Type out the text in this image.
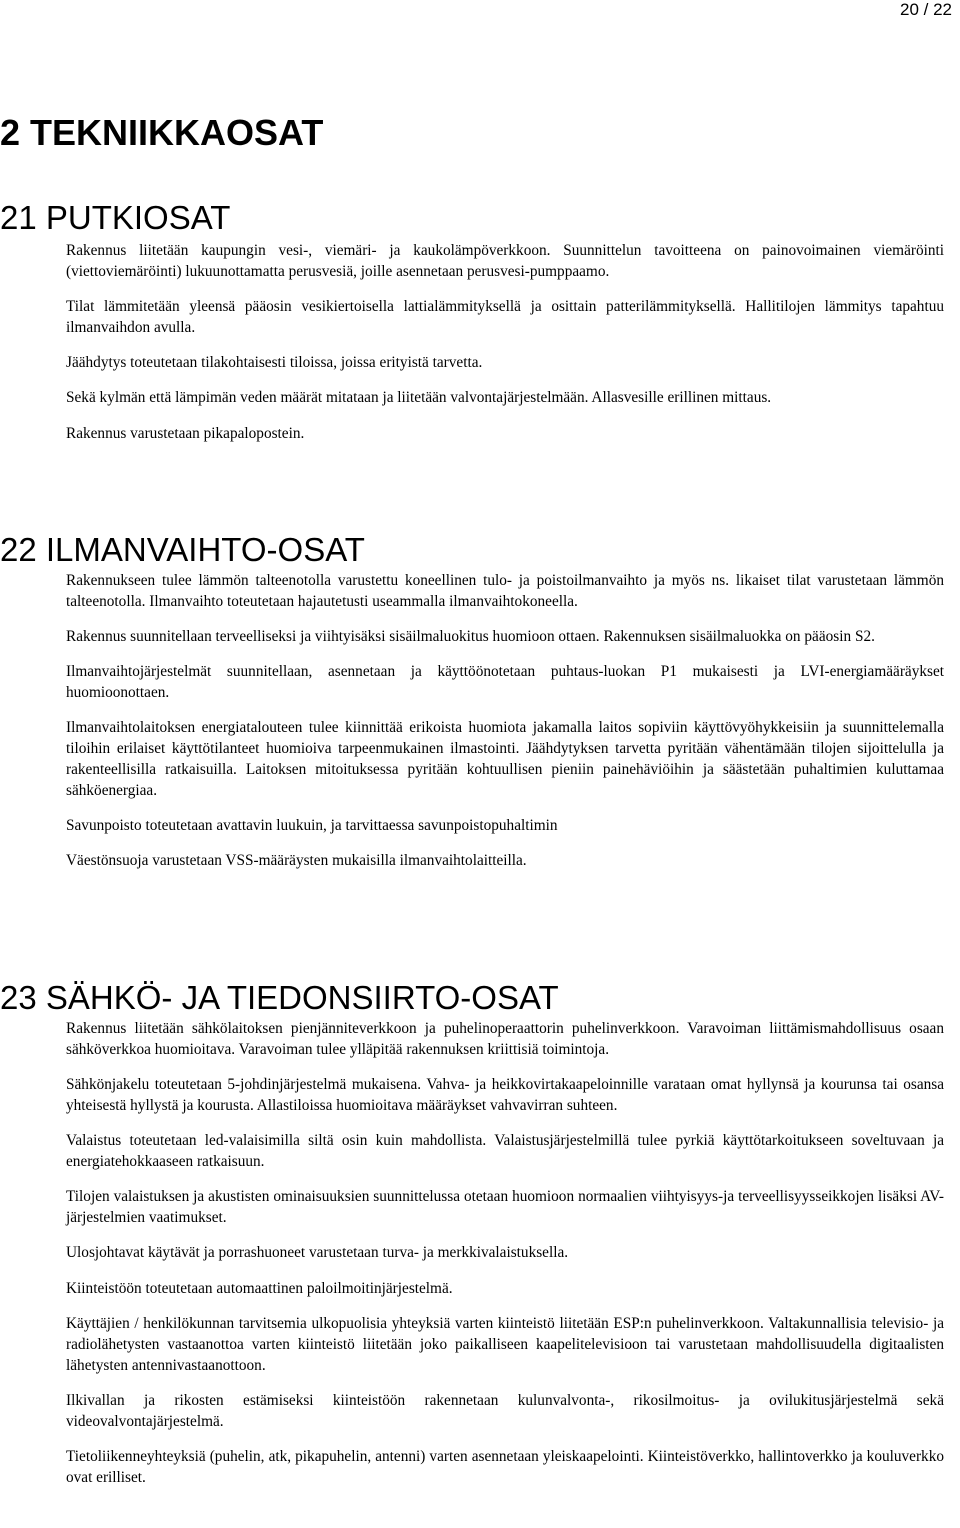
20 / 22
2 TEKNIIKKAOSAT
21 PUTKIOSAT

Rakennus liitetään kaupungin vesi-, viemäri- ja kaukolämpöverkkoon. Suunnittelun tavoitteena on painovoimainen viemäröinti (viettoviemäröinti) lukuunottamatta perusvesiä, joille asennetaan perusvesi-pumppaamo.

Tilat lämmitetään yleensä pääosin vesikiertoisella lattialämmityksellä ja osittain patterilämmityksellä. Hallitilojen lämmitys tapahtuu ilmanvaihdon avulla.

Jäähdytys toteutetaan tilakohtaisesti tiloissa, joissa erityistä tarvetta.

Sekä kylmän että lämpimän veden määrät mitataan ja liitetään valvontajärjestelmään. Allasvesille erillinen mittaus.

Rakennus varustetaan pikapalopostein.

22 ILMANVAIHTO-OSAT

Rakennukseen tulee lämmön talteenotolla varustettu koneellinen tulo- ja poistoilmanvaihto ja myös ns. likaiset tilat varustetaan lämmön talteenotolla. Ilmanvaihto toteutetaan hajautetusti useammalla ilmanvaihtokoneella.

Rakennus suunnitellaan terveelliseksi ja viihtyisäksi sisäilmaluokitus huomioon ottaen. Rakennuksen sisäilmaluokka on pääosin S2.

Ilmanvaihtojärjestelmät suunnitellaan, asennetaan ja käyttöönotetaan puhtaus-luokan P1 mukaisesti ja LVI-energiamääräykset huomioonottaen.

Ilmanvaihtolaitoksen energiatalouteen tulee kiinnittää erikoista huomiota jakamalla laitos sopiviin käyttövyöhykkeisiin ja suunnittelemalla tiloihin erilaiset käyttötilanteet huomioiva tarpeenmukainen ilmastointi. Jäähdytyksen tarvetta pyritään vähentämään tilojen sijoittelulla ja rakenteellisilla ratkaisuilla. Laitoksen mitoituksessa pyritään kohtuullisen pieniin painehäviöihin ja säästetään puhaltimien kuluttamaa sähköenergiaa.

Savunpoisto toteutetaan avattavin luukuin, ja tarvittaessa savunpoistopuhaltimin

Väestönsuoja varustetaan VSS-määräysten mukaisilla ilmanvaihtolaitteilla.

23 SÄHKÖ- JA TIEDONSIIRTO-OSAT

Rakennus liitetään sähkölaitoksen pienjänniteverkkoon ja puhelinoperaattorin puhelinverkkoon. Varavoiman liittämismahdollisuus osaan sähköverkkoa huomioitava. Varavoiman tulee ylläpitää rakennuksen kriittisiä toimintoja.

Sähkönjakelu toteutetaan 5-johdinjärjestelmä mukaisena. Vahva- ja heikkovirtakaapeloinnille varataan omat hyllynsä ja kourunsa tai osansa yhteisestä hyllystä ja kourusta. Allastiloissa huomioitava määräykset vahvavirran suhteen.

Valaistus toteutetaan led-valaisimilla siltä osin kuin mahdollista. Valaistusjärjestelmillä tulee pyrkiä käyttötarkoitukseen soveltuvaan ja energiatehokkaaseen ratkaisuun.

Tilojen valaistuksen ja akustisten ominaisuuksien suunnittelussa otetaan huomioon normaalien viihtyisyys-ja terveellisyysseikkojen lisäksi AV-järjestelmien vaatimukset.

Ulosjohtavat käytävät ja porrashuoneet varustetaan turva- ja merkkivalaistuksella.

Kiinteistöön toteutetaan automaattinen paloilmoitinjärjestelmä.

Käyttäjien / henkilökunnan tarvitsemia ulkopuolisia yhteyksiä varten kiinteistö liitetään ESP:n puhelinverkkoon. Valtakunnallisia televisio- ja radiolähetysten vastaanottoa varten kiinteistö liitetään joko paikalliseen kaapelitelevisioon tai varustetaan mahdollisuudella digitaalisten lähetysten antennivastaanottoon.

Ilkivallan ja rikosten estämiseksi kiinteistöön rakennetaan kulunvalvonta-, rikosilmoitus- ja ovilukitusjärjestelmä sekä videovalvontajärjestelmä.

Tietoliikenneyhteyksiä (puhelin, atk, pikapuhelin, antenni) varten asennetaan yleiskaapelointi. Kiinteistöverkko, hallintoverkko ja kouluverkko ovat erilliset.
